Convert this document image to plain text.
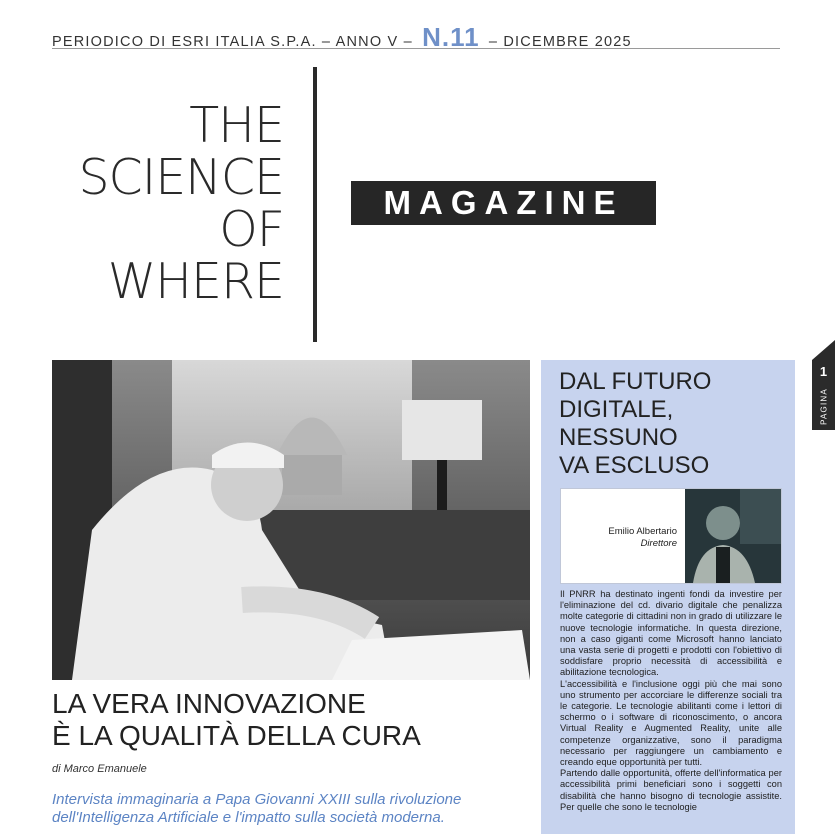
PERIODICO DI ESRI ITALIA S.P.A. – ANNO V – N.11 – DICEMBRE 2025
THE
SCIENCE
OF
WHERE
MAGAZINE
LA VERA INNOVAZIONE
È LA QUALITÀ DELLA CURA
di Marco Emanuele
Intervista immaginaria a Papa Giovanni XXIII sulla rivoluzione dell'Intelligenza Artificiale e l'impatto sulla società moderna.
DAL FUTURO
DIGITALE,
NESSUNO
VA ESCLUSO
Emilio Albertario
Direttore

Il PNRR ha destinato ingenti fondi da investire per l'eliminazione del cd. divario digitale che penalizza molte categorie di cittadini non in grado di utilizzare le nuove tecnologie informatiche. In questa direzione, non a caso giganti come Microsoft hanno lanciato una vasta serie di progetti e prodotti con l'obiettivo di soddisfare proprio necessità di accessibilità e abilitazione tecnologica.

L'accessibilità e l'inclusione oggi più che mai sono uno strumento per accorciare le differenze sociali tra le categorie. Le tecnologie abilitanti come i lettori di schermo o i software di riconoscimento, o ancora Virtual Reality e Augmented Reality, unite alle competenze organizzative, sono il paradigma necessario per raggiungere un cambiamento e creando eque opportunità per tutti.

Partendo dalle opportunità, offerte dell'informatica per accessibilità primi beneficiari sono i soggetti con disabilità che hanno bisogno di tecnologie assistite. Per quelle che sono le tecnologie

1
PAGINA
